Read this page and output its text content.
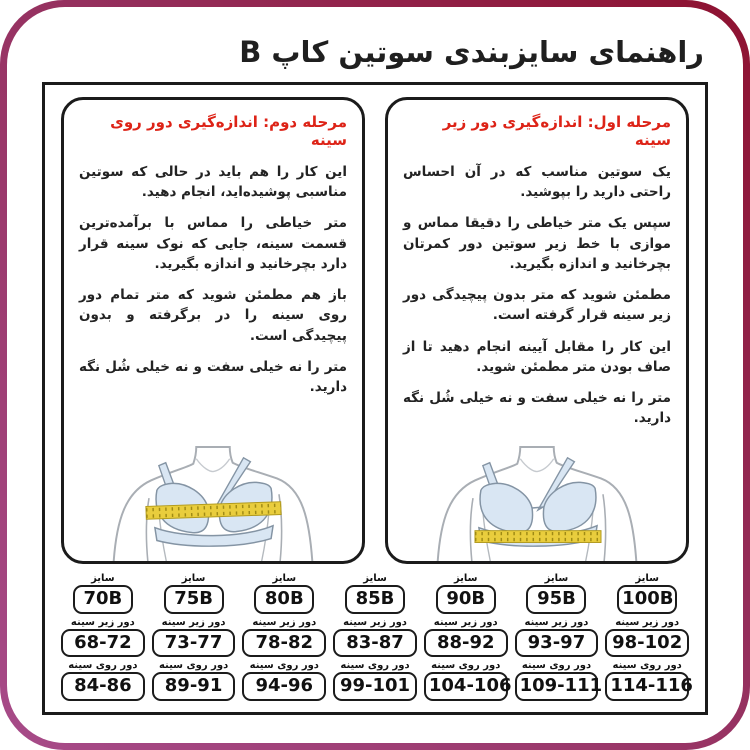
راهنمای سایزبندی سوتین کاپ B
مرحله اول: اندازه‌گیری دور زیر سینه

یک سوتین مناسب که در آن احساس راحتی دارید را بپوشید.

سپس یک متر خیاطی را دقیقا مماس و موازی با خط زیر سوتین دور کمرتان بچرخانید و اندازه بگیرید.

مطمئن شوید که متر بدون پیچیدگی دور زیر سینه قرار گرفته است.

این کار را مقابل آیینه انجام دهید تا از صاف بودن متر مطمئن شوید.

متر را نه خیلی سفت و نه خیلی شُل نگه دارید.

مرحله دوم: اندازه‌گیری دور روی سینه

این کار را هم باید در حالی که سوتین مناسبی پوشیده‌اید، انجام دهید.

متر خیاطی را مماس با برآمده‌ترین قسمت سینه، جایی که نوک سینه قرار دارد بچرخانید و اندازه بگیرید.

باز هم مطمئن شوید که متر تمام دور روی سینه را در برگرفته و بدون پیچیدگی است.

متر را نه خیلی سفت و نه خیلی شُل نگه دارید.

سایز
70B
دور زیر سینه
68-72
دور روی سینه
84-86
سایز
75B
دور زیر سینه
73-77
دور روی سینه
89-91
سایز
80B
دور زیر سینه
78-82
دور روی سینه
94-96
سایز
85B
دور زیر سینه
83-87
دور روی سینه
99-101
سایز
90B
دور زیر سینه
88-92
دور روی سینه
104-106
سایز
95B
دور زیر سینه
93-97
دور روی سینه
109-111
سایز
100B
دور زیر سینه
98-102
دور روی سینه
114-116
